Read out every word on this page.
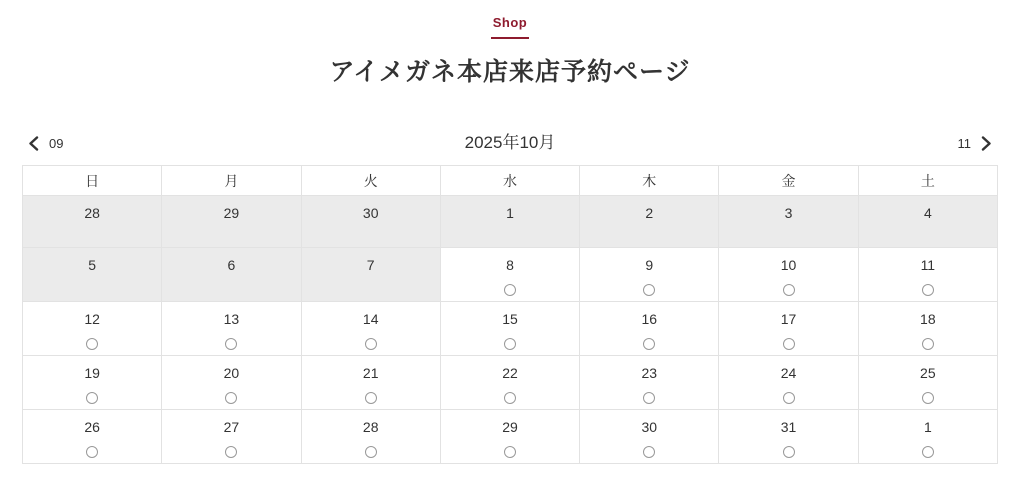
Shop
アイメガネ本店来店予約ページ
09	2025年10月	11
日	月	火	水	木	金	土

28	29	30	1	2	3	4

5	6	7	8	9	10	11

12	13	14	15	16	17	18

19	20	21	22	23	24	25

26	27	28	29	30	31	1
